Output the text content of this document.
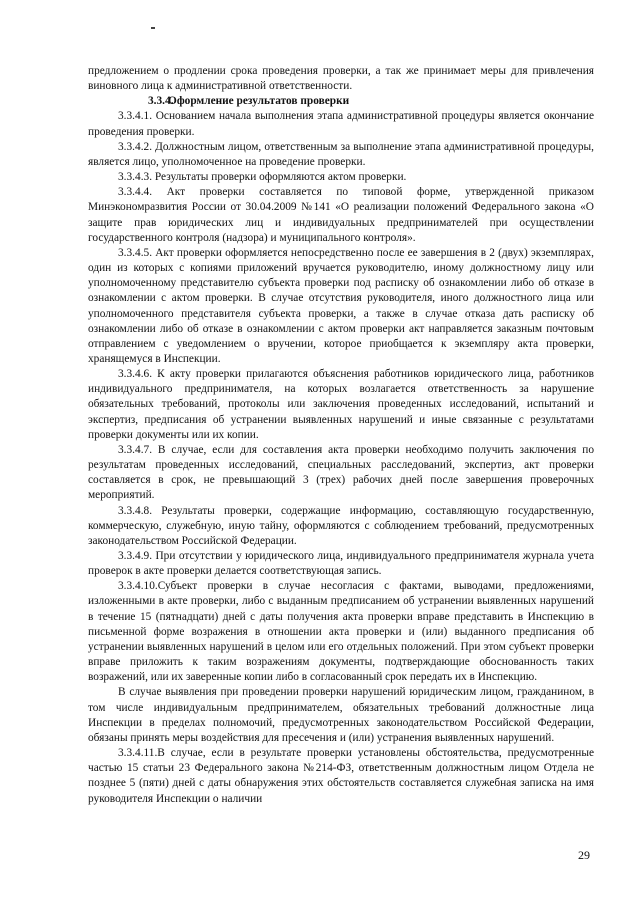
предложением о продлении срока проведения проверки, а так же принимает меры для привлечения виновного лица к административной ответственности.

3.3.4.Оформление результатов проверки

3.3.4.1. Основанием начала выполнения этапа административной процедуры является окончание проведения проверки.

3.3.4.2. Должностным лицом, ответственным за выполнение этапа административной процедуры, является лицо, уполномоченное на проведение проверки.

3.3.4.3. Результаты проверки оформляются актом проверки.

3.3.4.4. Акт проверки составляется по типовой форме, утвержденной приказом Минэкономразвития России от 30.04.2009 №141 «О реализации положений Федерального закона «О защите прав юридических лиц и индивидуальных предпринимателей при осуществлении государственного контроля (надзора) и муниципального контроля».

3.3.4.5. Акт проверки оформляется непосредственно после ее завершения в 2 (двух) экземплярах, один из которых с копиями приложений вручается руководителю, иному должностному лицу или уполномоченному представителю субъекта проверки под расписку об ознакомлении либо об отказе в ознакомлении с актом проверки. В случае отсутствия руководителя, иного должностного лица или уполномоченного представителя субъекта проверки, а также в случае отказа дать расписку об ознакомлении либо об отказе в ознакомлении с актом проверки акт направляется заказным почтовым отправлением с уведомлением о вручении, которое приобщается к экземпляру акта проверки, хранящемуся в Инспекции.

3.3.4.6. К акту проверки прилагаются объяснения работников юридического лица, работников индивидуального предпринимателя, на которых возлагается ответственность за нарушение обязательных требований, протоколы или заключения проведенных исследований, испытаний и экспертиз, предписания об устранении выявленных нарушений и иные связанные с результатами проверки документы или их копии.

3.3.4.7. В случае, если для составления акта проверки необходимо получить заключения по результатам проведенных исследований, специальных расследований, экспертиз, акт проверки составляется в срок, не превышающий 3 (трех) рабочих дней после завершения проверочных мероприятий.

3.3.4.8. Результаты проверки, содержащие информацию, составляющую государственную, коммерческую, служебную, иную тайну, оформляются с соблюдением требований, предусмотренных законодательством Российской Федерации.

3.3.4.9. При отсутствии у юридического лица, индивидуального предпринимателя журнала учета проверок в акте проверки делается соответствующая запись.

3.3.4.10.Субъект проверки в случае несогласия с фактами, выводами, предложениями, изложенными в акте проверки, либо с выданным предписанием об устранении выявленных нарушений в течение 15 (пятнадцати) дней с даты получения акта проверки вправе представить в Инспекцию в письменной форме возражения в отношении акта проверки и (или) выданного предписания об устранении выявленных нарушений в целом или его отдельных положений. При этом субъект проверки вправе приложить к таким возражениям документы, подтверждающие обоснованность таких возражений, или их заверенные копии либо в согласованный срок передать их в Инспекцию.

В случае выявления при проведении проверки нарушений юридическим лицом, гражданином, в том числе индивидуальным предпринимателем, обязательных требований должностные лица Инспекции в пределах полномочий, предусмотренных законодательством Российской Федерации, обязаны принять меры воздействия для пресечения и (или) устранения выявленных нарушений.

3.3.4.11.В случае, если в результате проверки установлены обстоятельства, предусмотренные частью 15 статьи 23 Федерального закона №214-ФЗ, ответственным должностным лицом Отдела не позднее 5 (пяти) дней с даты обнаружения этих обстоятельств составляется служебная записка на имя руководителя Инспекции о наличии

29
